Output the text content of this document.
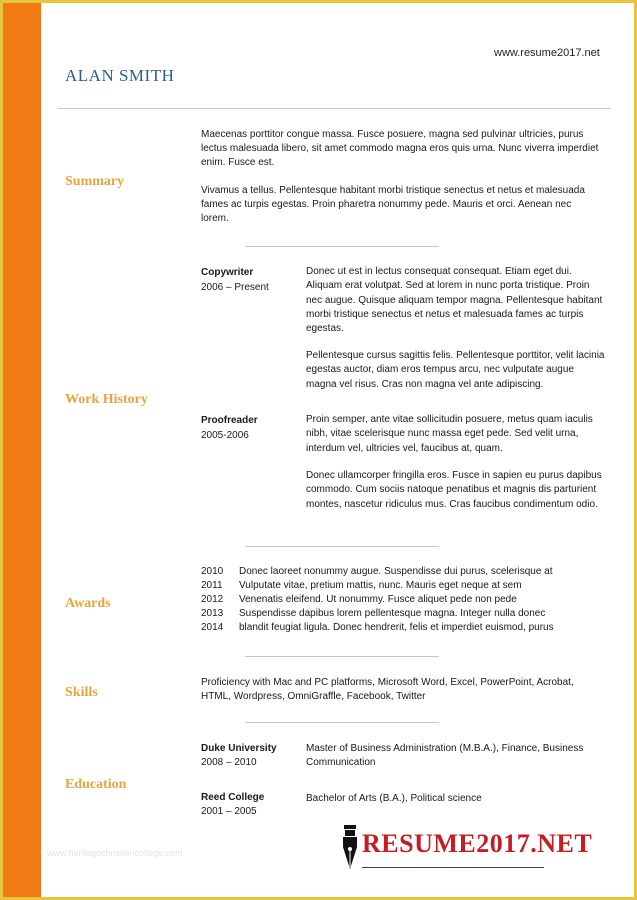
www.resume2017.net
ALAN SMITH
Summary
Maecenas porttitor congue massa. Fusce posuere, magna sed pulvinar ultricies, purus lectus malesuada libero, sit amet commodo magna eros quis urna. Nunc viverra imperdiet enim. Fusce est.
Vivamus a tellus. Pellentesque habitant morbi tristique senectus et netus et malesuada fames ac turpis egestas. Proin pharetra nonummy pede. Mauris et orci. Aenean nec lorem.
Work History
Copywriter
2006 – Present
Donec ut est in lectus consequat consequat. Etiam eget dui. Aliquam erat volutpat. Sed at lorem in nunc porta tristique. Proin nec augue. Quisque aliquam tempor magna. Pellentesque habitant morbi tristique senectus et netus et malesuada fames ac turpis egestas.
Pellentesque cursus sagittis felis. Pellentesque porttitor, velit lacinia egestas auctor, diam eros tempus arcu, nec vulputate augue magna vel risus. Cras non magna vel ante adipiscing.
Proofreader
2005-2006
Proin semper, ante vitae sollicitudin posuere, metus quam iaculis nibh, vitae scelerisque nunc massa eget pede. Sed velit urna, interdum vel, ultricies vel, faucibus at, quam.
Donec ullamcorper fringilla eros. Fusce in sapien eu purus dapibus commodo. Cum sociis natoque penatibus et magnis dis parturient montes, nascetur ridiculus mus. Cras faucibus condimentum odio.
Awards
2010 Donec laoreet nonummy augue. Suspendisse dui purus, scelerisque at
2011 Vulputate vitae, pretium mattis, nunc. Mauris eget neque at sem
2012 Venenatis eleifend. Ut nonummy. Fusce aliquet pede non pede
2013 Suspendisse dapibus lorem pellentesque magna. Integer nulla donec
2014 blandit feugiat ligula. Donec hendrerit, felis et imperdiet euismod, purus
Skills
Proficiency with Mac and PC platforms, Microsoft Word, Excel, PowerPoint, Acrobat, HTML, Wordpress, OmniGraffle, Facebook, Twitter
Education
Duke University
2008 – 2010
Master of Business Administration (M.B.A.), Finance, Business Communication
Reed College
2001 – 2005
Bachelor of Arts (B.A.), Political science
www.heritagechristiancollege.com	RESUME2017.NET
